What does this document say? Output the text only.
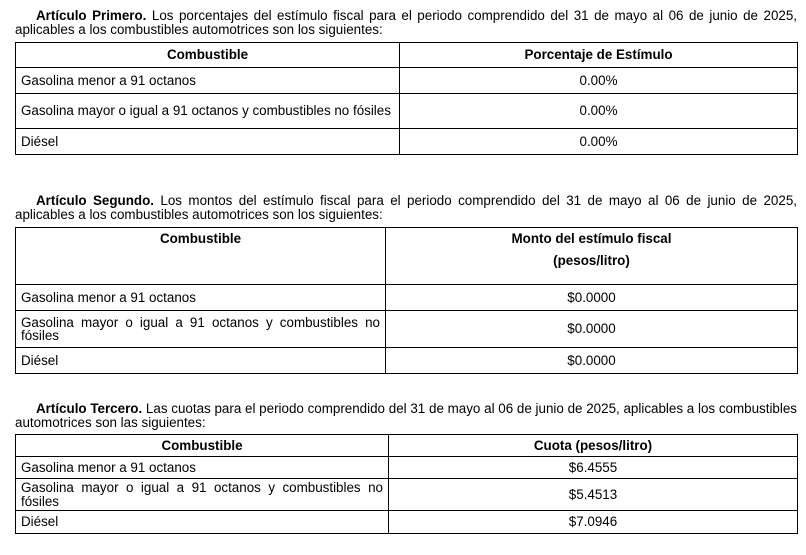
Artículo Primero. Los porcentajes del estímulo fiscal para el periodo comprendido del 31 de mayo al 06 de junio de 2025, aplicables a los combustibles automotrices son los siguientes:

Combustible	Porcentaje de Estímulo
Gasolina menor a 91 octanos	0.00%
Gasolina mayor o igual a 91 octanos y combustibles no fósiles	0.00%
Diésel	0.00%

Artículo Segundo. Los montos del estímulo fiscal para el periodo comprendido del 31 de mayo al 06 de junio de 2025, aplicables a los combustibles automotrices son los siguientes:

Combustible	Monto del estímulo fiscal
(pesos/litro)

Gasolina menor a 91 octanos	$0.0000
Gasolina mayor o igual a 91 octanos y combustibles no fósiles	$0.0000
Diésel	$0.0000

Artículo Tercero. Las cuotas para el periodo comprendido del 31 de mayo al 06 de junio de 2025, aplicables a los combustibles automotrices son las siguientes:

Combustible	Cuota (pesos/litro)
Gasolina menor a 91 octanos	$6.4555
Gasolina mayor o igual a 91 octanos y combustibles no fósiles	$5.4513
Diésel	$7.0946
